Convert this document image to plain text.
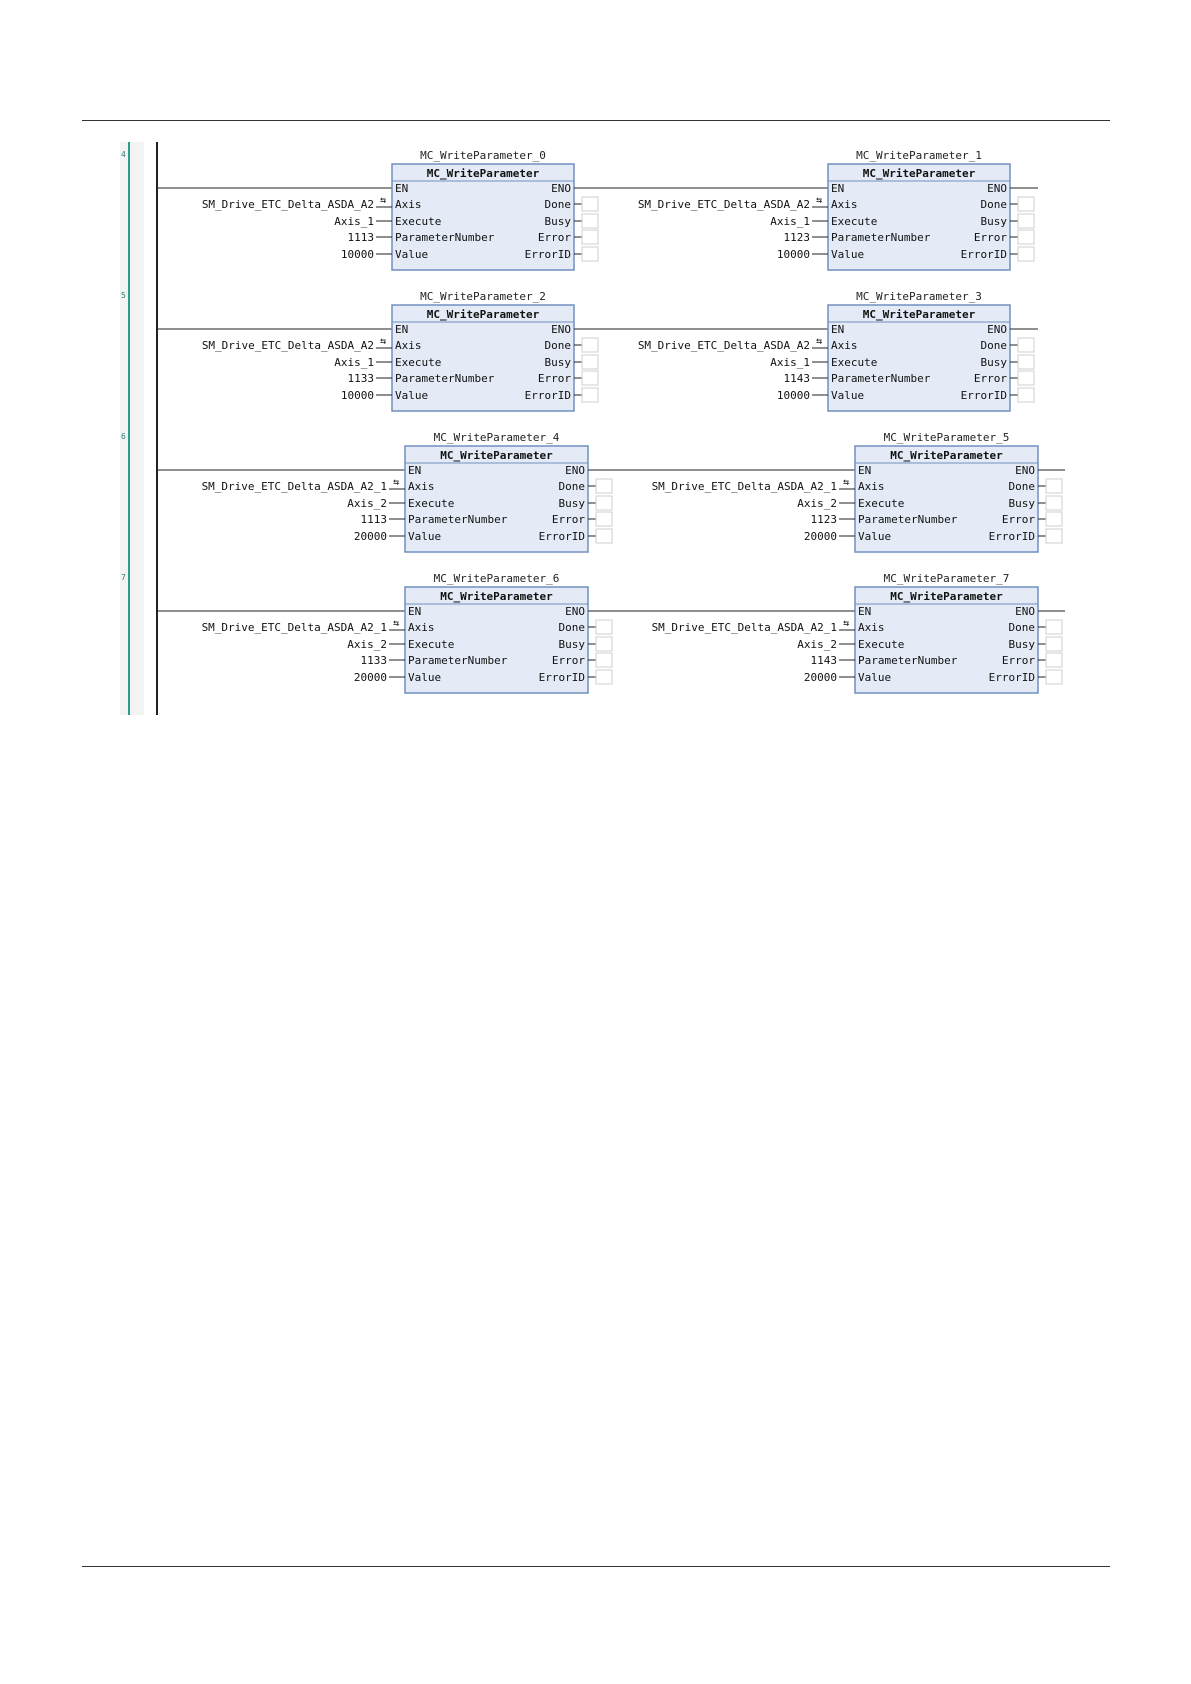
4	MC_WriteParameter_0
MC_WriteParameter
EN
Axis
Execute
ParameterNumber
Value
ENO
Done
Busy
Error
ErrorID
SM_Drive_ETC_Delta_ASDA_A2 ⇆
Axis_1
1113
10000
MC_WriteParameter_1
MC_WriteParameter
EN
Axis
Execute
ParameterNumber
Value
ENO
Done
Busy
Error
ErrorID
SM_Drive_ETC_Delta_ASDA_A2 ⇆
Axis_1
1123
10000
5	MC_WriteParameter_2
MC_WriteParameter
EN
Axis
Execute
ParameterNumber
Value
ENO
Done
Busy
Error
ErrorID
SM_Drive_ETC_Delta_ASDA_A2 ⇆
Axis_1
1133
10000
MC_WriteParameter_3
MC_WriteParameter
EN
Axis
Execute
ParameterNumber
Value
ENO
Done
Busy
Error
ErrorID
SM_Drive_ETC_Delta_ASDA_A2 ⇆
Axis_1
1143
10000
6	MC_WriteParameter_4
MC_WriteParameter
EN
Axis
Execute
ParameterNumber
Value
ENO
Done
Busy
Error
ErrorID
SM_Drive_ETC_Delta_ASDA_A2_1 ⇆
Axis_2
1113
20000
MC_WriteParameter_5
MC_WriteParameter
EN
Axis
Execute
ParameterNumber
Value
ENO
Done
Busy
Error
ErrorID
SM_Drive_ETC_Delta_ASDA_A2_1 ⇆
Axis_2
1123
20000
7	MC_WriteParameter_6
MC_WriteParameter
EN
Axis
Execute
ParameterNumber
Value
ENO
Done
Busy
Error
ErrorID
SM_Drive_ETC_Delta_ASDA_A2_1 ⇆
Axis_2
1133
20000
MC_WriteParameter_7
MC_WriteParameter
EN
Axis
Execute
ParameterNumber
Value
ENO
Done
Busy
Error
ErrorID
SM_Drive_ETC_Delta_ASDA_A2_1 ⇆
Axis_2
1143
20000
